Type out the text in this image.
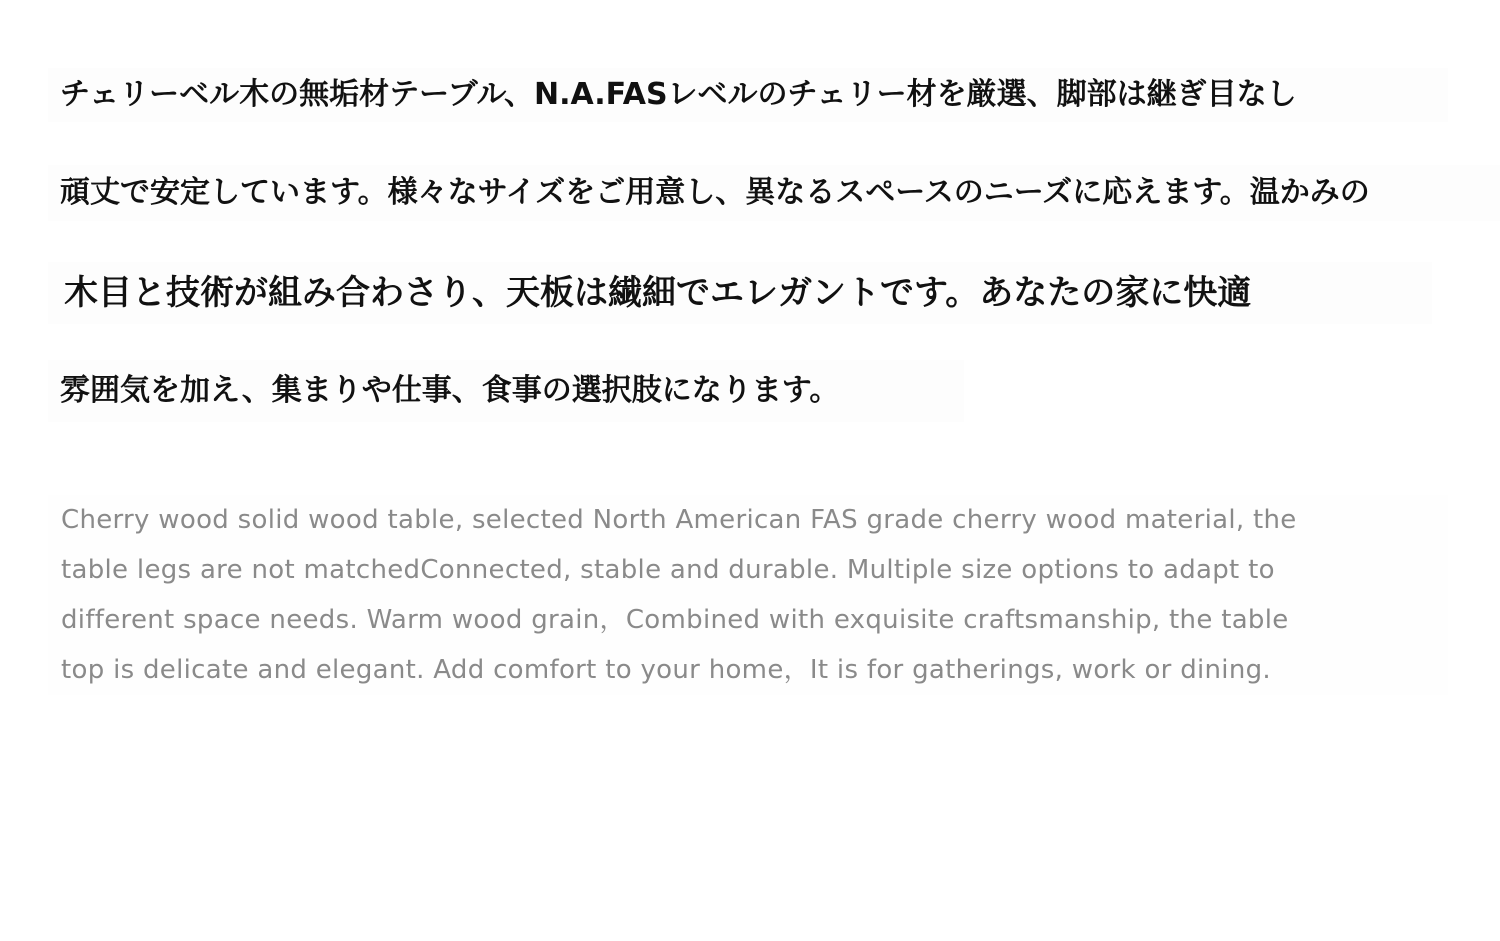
チェリーベル木の無垢材テーブル、N.A.FASレベルのチェリー材を厳選、脚部は継ぎ目なし

頑丈で安定しています。様々なサイズをご用意し、異なるスペースのニーズに応えます。温かみの

木目と技術が組み合わさり、天板は繊細でエレガントです。あなたの家に快適

雰囲気を加え、集まりや仕事、食事の選択肢になります。

Cherry wood solid wood table, selected North American FAS grade cherry wood material, the
table legs are not matchedConnected, stable and durable. Multiple size options to adapt to
different space needs. Warm wood grain，Combined with exquisite craftsmanship, the table
top is delicate and elegant. Add comfort to your home，It is for gatherings, work or dining.
